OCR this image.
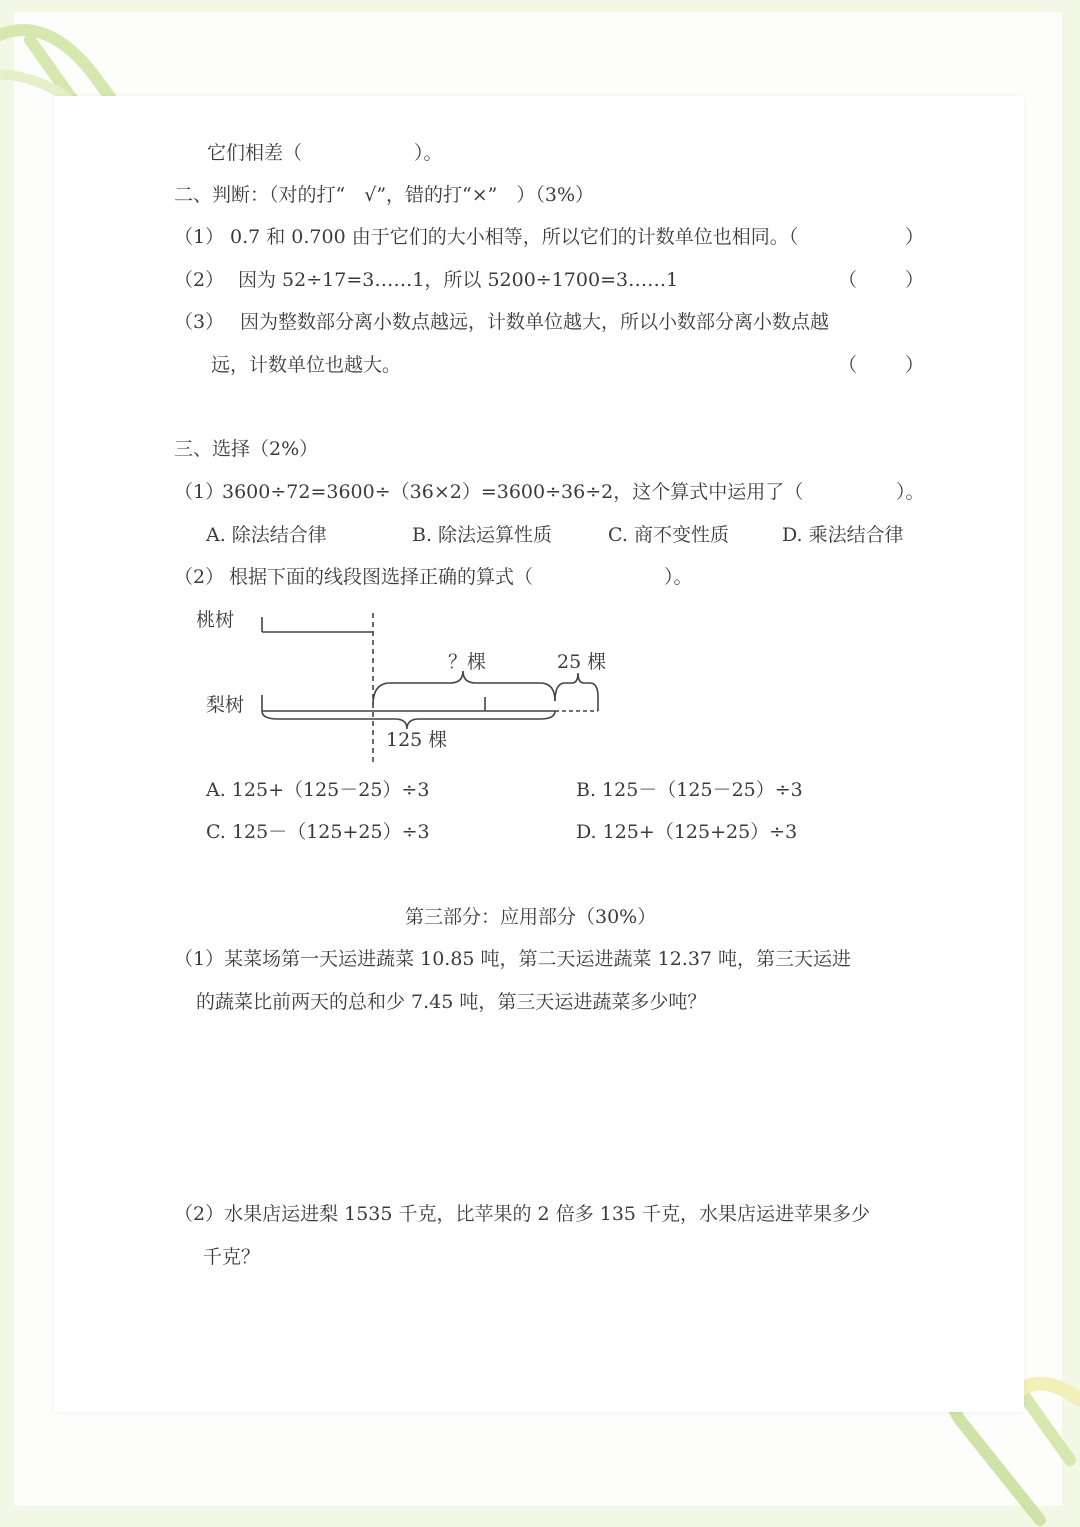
它们相差（	）。
二、判断：（对的打“　√”，错的打“×”　）（3%）
（1） 0.7 和 0.700 由于它们的大小相等，所以它们的计数单位也相同。（	）
（2） 因为 52÷17=3……1，所以 5200÷1700=3……1	（	）
（3） 因为整数部分离小数点越远，计数单位越大，所以小数部分离小数点越
远，计数单位也越大。	（	）
三、选择（2%）
（1）
3600÷72=3600÷（36×2）=3600÷36÷2，这个算式中运用了（	）。
A. 除法结合律	B. 除法运算性质	C. 商不变性质	D. 乘法结合律
（2） 根据下面的线段图选择正确的算式（	）。
桃树
梨树
？棵	25 棵
125 棵
A. 125+（125－25）÷3	B. 125－（125－25）÷3
C. 125－（125+25）÷3	D. 125+（125+25）÷3
第三部分：应用部分（30%）
（1）某菜场第一天运进蔬菜 10.85 吨，第二天运进蔬菜 12.37 吨，第三天运进
的蔬菜比前两天的总和少 7.45 吨，第三天运进蔬菜多少吨？
（2）水果店运进梨 1535 千克，比苹果的 2 倍多 135 千克，水果店运进苹果多少
千克？
